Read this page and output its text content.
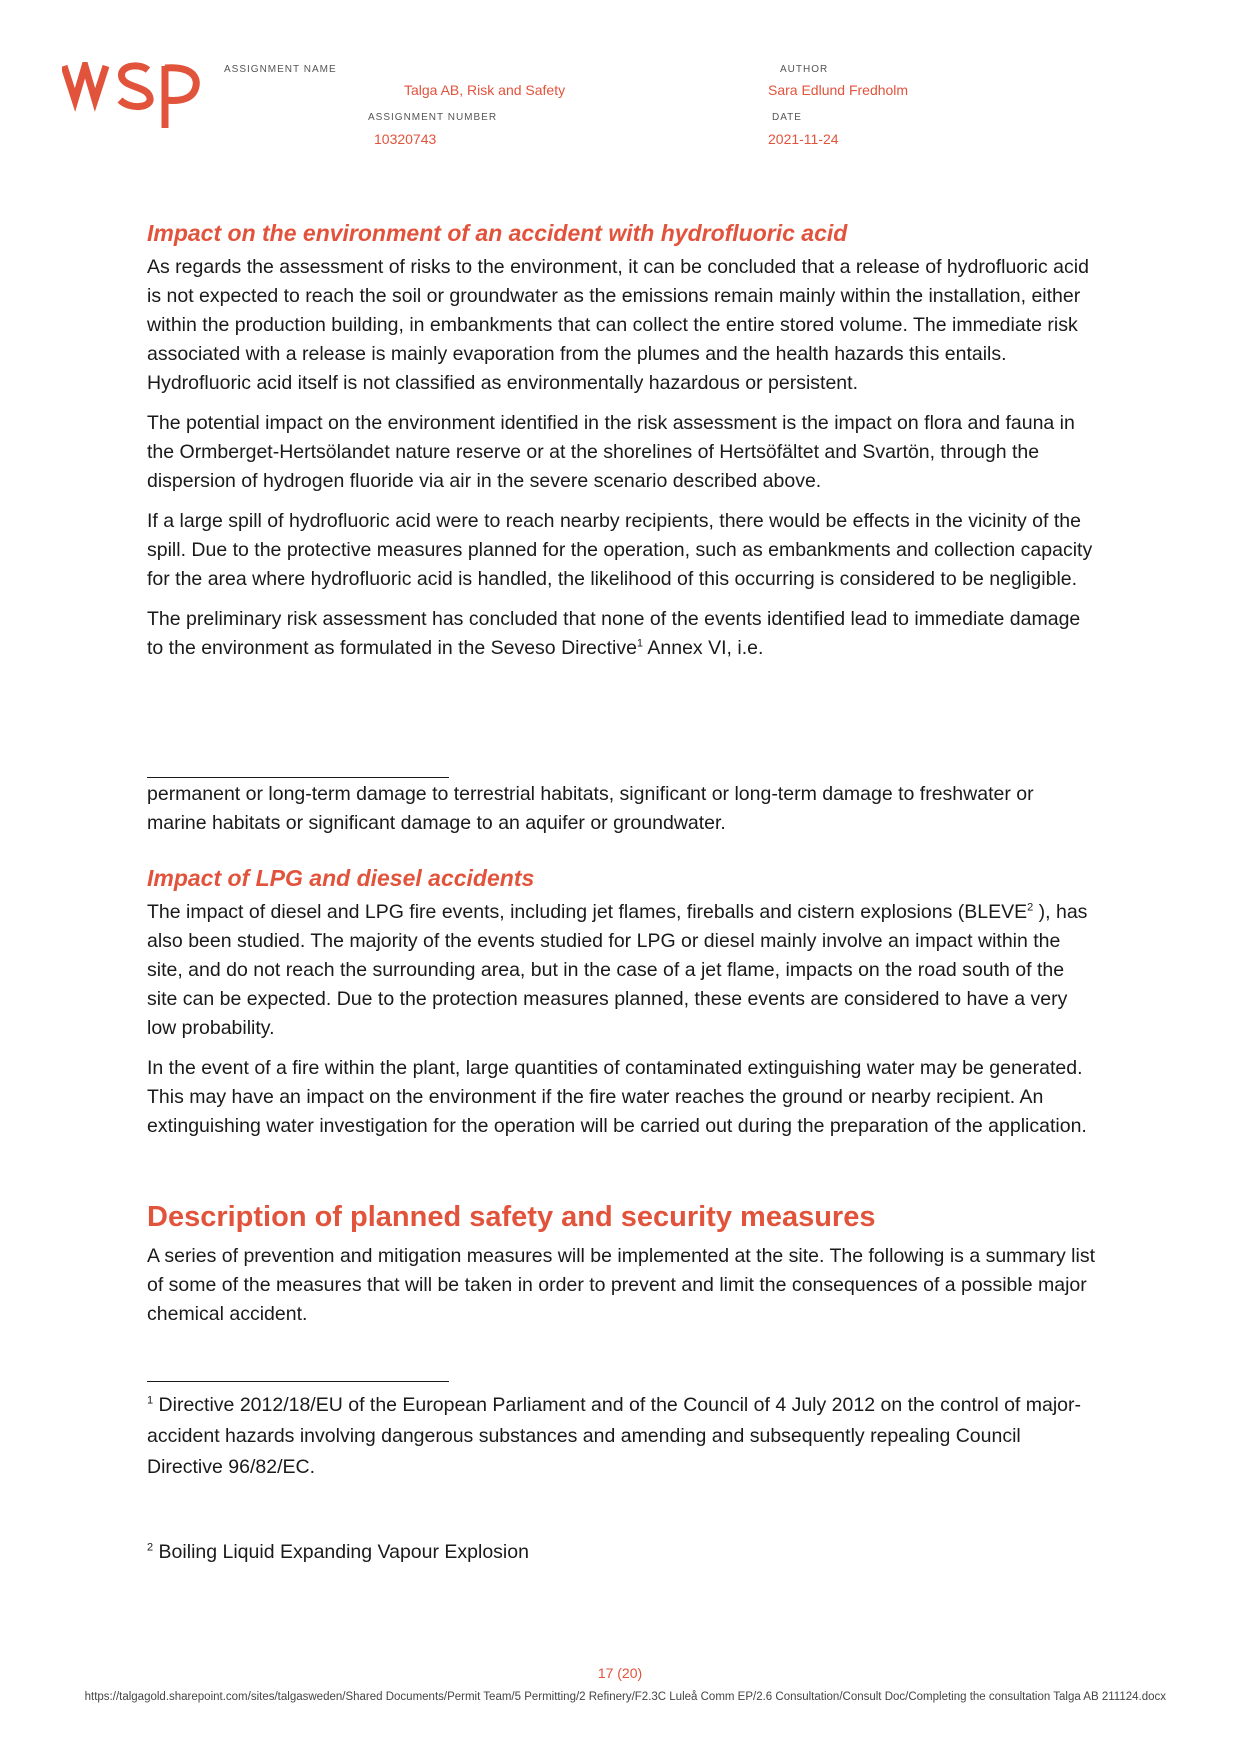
ASSIGNMENT NAME
Talga AB, Risk and Safety
AUTHOR
Sara Edlund Fredholm
ASSIGNMENT NUMBER
10320743
DATE
2021-11-24
Impact on the environment of an accident with hydrofluoric acid

As regards the assessment of risks to the environment, it can be concluded that a release of hydrofluoric acid is not expected to reach the soil or groundwater as the emissions remain mainly within the installation, either within the production building, in embankments that can collect the entire stored volume. The immediate risk associated with a release is mainly evaporation from the plumes and the health hazards this entails. Hydrofluoric acid itself is not classified as environmentally hazardous or persistent.

The potential impact on the environment identified in the risk assessment is the impact on flora and fauna in the Ormberget-Hertsölandet nature reserve or at the shorelines of Hertsöfältet and Svartön, through the dispersion of hydrogen fluoride via air in the severe scenario described above.

If a large spill of hydrofluoric acid were to reach nearby recipients, there would be effects in the vicinity of the spill. Due to the protective measures planned for the operation, such as embankments and collection capacity for the area where hydrofluoric acid is handled, the likelihood of this occurring is considered to be negligible.

The preliminary risk assessment has concluded that none of the events identified lead to immediate damage to the environment as formulated in the Seveso Directive$^1$ Annex VI, i.e.

permanent or long-term damage to terrestrial habitats, significant or long-term damage to freshwater or marine habitats or significant damage to an aquifer or groundwater.

Impact of LPG and diesel accidents

The impact of diesel and LPG fire events, including jet flames, fireballs and cistern explosions (BLEVE$^2$ ), has also been studied. The majority of the events studied for LPG or diesel mainly involve an impact within the site, and do not reach the surrounding area, but in the case of a jet flame, impacts on the road south of the site can be expected. Due to the protection measures planned, these events are considered to have a very low probability.

In the event of a fire within the plant, large quantities of contaminated extinguishing water may be generated. This may have an impact on the environment if the fire water reaches the ground or nearby recipient. An extinguishing water investigation for the operation will be carried out during the preparation of the application.

Description of planned safety and security measures

A series of prevention and mitigation measures will be implemented at the site. The following is a summary list of some of the measures that will be taken in order to prevent and limit the consequences of a possible major chemical accident.

$^1$ Directive 2012/18/EU of the European Parliament and of the Council of 4 July 2012 on the control of major-accident hazards involving dangerous substances and amending and subsequently repealing Council Directive 96/82/EC.

$^2$ Boiling Liquid Expanding Vapour Explosion

17 (20)
https://talgagold.sharepoint.com/sites/talgasweden/Shared Documents/Permit Team/5 Permitting/2 Refinery/F2.3C Luleå Comm EP/2.6 Consultation/Consult Doc/Completing the consultation Talga AB 211124.docx
